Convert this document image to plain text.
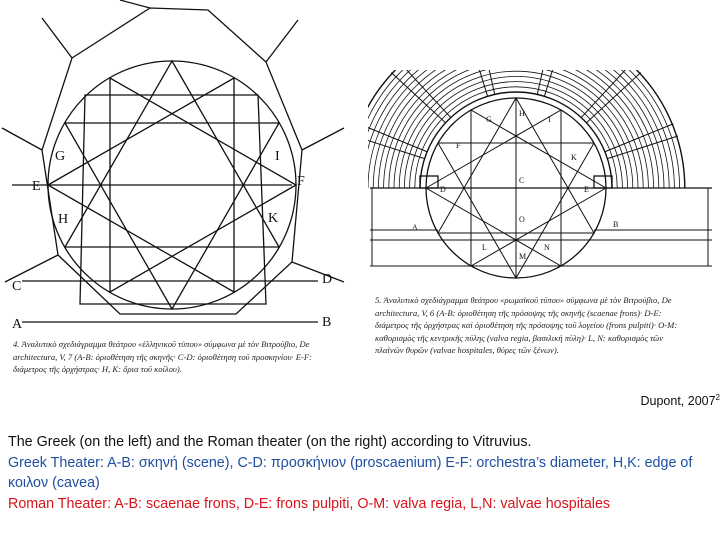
G	I
E	F
H	K
C	D
A	B
4. Ἀναλυτικὸ σχεδιάγραμμα θεάτρου «ἑλληνικοῦ τύπου» σύμφωνα μὲ τὸν Βιτρούβιο, De architectura, V, 7 (A-B: ὁριοθέτηση τῆς σκηνῆς· C-D: ὁριοθέτηση τοῦ προσκηνίου· E-F: διάμετρος τῆς ὀρχήστρας· H, K: ὅρια τοῦ κοίλου).
G
H
I
F
K
C
D	E
O
A	B
L	N
M
5. Ἀναλυτικὸ σχεδιάγραμμα θεάτρου «ρωμαϊκοῦ τύπου» σύμφωνα μὲ τὸν Βιτρούβιο, De architectura, V, 6 (A-B: ὁριοθέτηση τῆς πρόσοψης τῆς σκηνῆς (scaenae frons)· D-E: διάμετρος τῆς ὀρχήστρας καὶ ὁριοθέτηση τῆς πρόσοψης τοῦ λογείου (frons pulpiti)· O-M: καθορισμὸς τῆς κεντρικῆς πύλης (valva regia, βασιλικὴ πύλη)· L, N: καθορισμὸς τῶν πλαϊνῶν θυρῶν (valvae hospitales, θύρες τῶν ξένων).
Dupont, 2007$^2$
The Greek (on the left) and the Roman theater (on the right) according to Vitruvius.
Greek Theater: A-B: σκηνή (scene), C-D: προσκήνιον (proscaenium) E-F: orchestra’s diameter, H,K: edge of κοιλον (cavea)
Roman Theater: A-B: scaenae frons, D-E: frons pulpiti, O-M: valva regia, L,N: valvae hospitales
